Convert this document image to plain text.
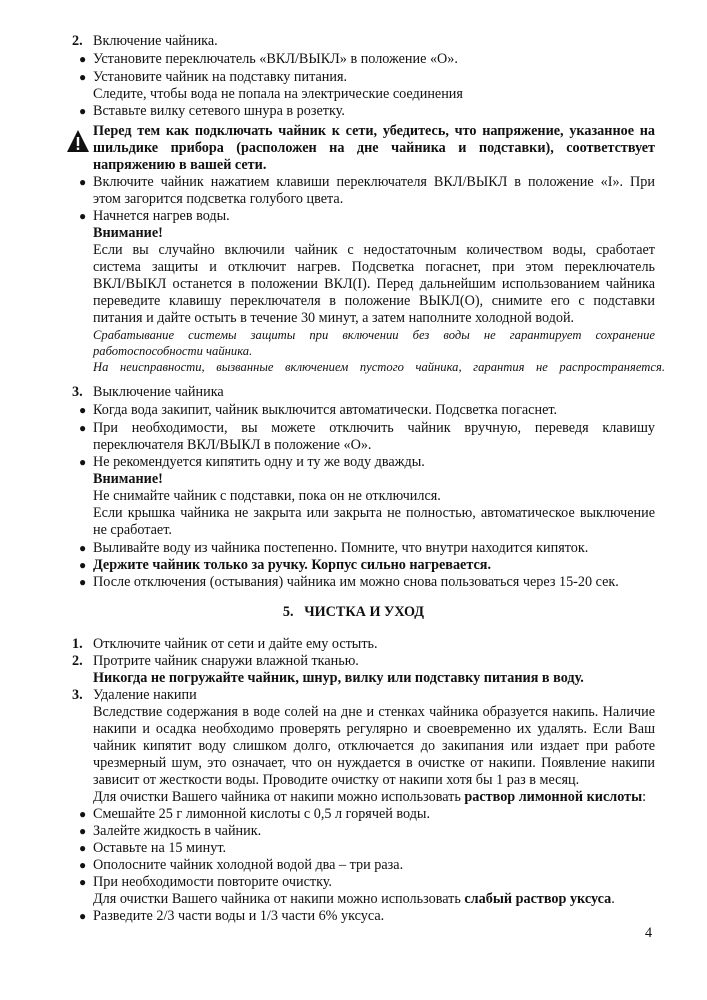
2. Включение чайника.
● Установите переключатель «ВКЛ/ВЫКЛ» в положение «O».
● Установите чайник на подставку питания.
Следите, чтобы вода не попала на электрические соединения
● Вставьте вилку сетевого шнура в розетку.
Перед тем как подключать чайник к сети, убедитесь, что напряжение, указанное на
шильдике прибора (расположен на дне чайника и подставки), соответствует
напряжению в вашей сети.
● Включите чайник нажатием клавиши переключателя ВКЛ/ВЫКЛ в положение «I». При
этом загорится подсветка голубого цвета.
● Начнется нагрев воды.
Внимание!
Если вы случайно включили чайник с недостаточным количеством воды, сработает
система защиты и отключит нагрев. Подсветка погаснет, при этом переключатель
ВКЛ/ВЫКЛ останется в положении ВКЛ(I). Перед дальнейшим использованием чайника
переведите клавишу переключателя в положение ВЫКЛ(O), снимите его с подставки
питания и дайте остыть в течение 30 минут, а затем наполните холодной водой.
Срабатывание системы защиты при включении без воды не гарантирует сохранение
работоспособности чайника.
На неисправности, вызванные включением пустого чайника, гарантия не распространяется.
3. Выключение чайника
● Когда вода закипит, чайник выключится автоматически. Подсветка погаснет.
● При необходимости, вы можете отключить чайник вручную, переведя клавишу
переключателя ВКЛ/ВЫКЛ в положение «O».
● Не рекомендуется кипятить одну и ту же воду дважды.
Внимание!
Не снимайте чайник с подставки, пока он не отключился.
Если крышка чайника не закрыта или закрыта не полностью, автоматическое выключение
не сработает.
● Выливайте воду из чайника постепенно. Помните, что внутри находится кипяток.
● Держите чайник только за ручку. Корпус сильно нагревается.
● После отключения (остывания) чайника им можно снова пользоваться через 15-20 сек.
5.   ЧИСТКА И УХОД
1. Отключите чайник от сети и дайте ему остыть.
2. Протрите чайник снаружи влажной тканью.
Никогда не погружайте чайник, шнур, вилку или подставку питания в воду.
3. Удаление накипи
Вследствие содержания в воде солей на дне и стенках чайника образуется накипь. Наличие
накипи и осадка необходимо проверять регулярно и своевременно их удалять. Если Ваш
чайник кипятит воду слишком долго, отключается до закипания или издает при работе
чрезмерный шум, это означает, что он нуждается в очистке от накипи. Появление накипи
зависит от жесткости воды. Проводите очистку от накипи хотя бы 1 раз в месяц.
Для очистки Вашего чайника от накипи можно использовать раствор лимонной кислоты:
● Смешайте 25 г лимонной кислоты с 0,5 л горячей воды.
● Залейте жидкость в чайник.
● Оставьте на 15 минут.
● Ополосните чайник холодной водой два – три раза.
● При необходимости повторите очистку.
Для очистки Вашего чайника от накипи можно использовать слабый раствор уксуса.
● Разведите 2/3 части воды и 1/3 части 6% уксуса.
4
